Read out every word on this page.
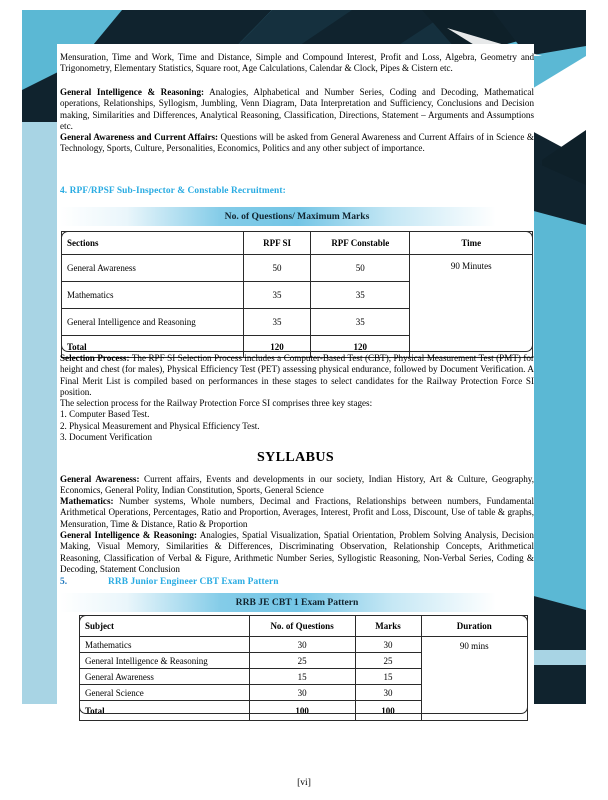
Mensuration, Time and Work, Time and Distance, Simple and Compound Interest, Profit and Loss, Algebra, Geometry and Trigonometry, Elementary Statistics, Square root, Age Calculations, Calendar & Clock, Pipes & Cistern etc.

General Intelligence & Reasoning: Analogies, Alphabetical and Number Series, Coding and Decoding, Mathematical operations, Relationships, Syllogism, Jumbling, Venn Diagram, Data Interpretation and Sufficiency, Conclusions and Decision making, Similarities and Differences, Analytical Reasoning, Classification, Directions, Statement – Arguments and Assumptions etc.

General Awareness and Current Affairs: Questions will be asked from General Awareness and Current Affairs of in Science & Technology, Sports, Culture, Personalities, Economics, Politics and any other subject of importance.

4. RPF/RPSF Sub-Inspector & Constable Recruitment:
No. of Questions/ Maximum Marks
Sections	RPF SI	RPF Constable	Time
General Awareness	50	50	90 Minutes
Mathematics	35	35	
General Intelligence and Reasoning	35	35	
Total	120	120	

Selection Process: The RPF SI Selection Process includes a Computer-Based Test (CBT), Physical Measurement Test (PMT) for height and chest (for males), Physical Efficiency Test (PET) assessing physical endurance, followed by Document Verification. A Final Merit List is compiled based on performances in these stages to select candidates for the Railway Protection Force SI position.

The selection process for the Railway Protection Force SI comprises three key stages:
1. Computer Based Test.
2. Physical Measurement and Physical Efficiency Test.
3. Document Verification
SYLLABUS

General Awareness: Current affairs, Events and developments in our society, Indian History, Art & Culture, Geography, Economics, General Polity, Indian Constitution, Sports, General Science

Mathematics: Number systems, Whole numbers, Decimal and Fractions, Relationships between numbers, Fundamental Arithmetical Operations, Percentages, Ratio and Proportion, Averages, Interest, Profit and Loss, Discount, Use of table & graphs, Mensuration, Time & Distance, Ratio & Proportion

General Intelligence & Reasoning: Analogies, Spatial Visualization, Spatial Orientation, Problem Solving Analysis, Decision Making, Visual Memory, Similarities & Differences, Discriminating Observation, Relationship Concepts, Arithmetical Reasoning, Classification of Verbal & Figure, Arithmetic Number Series, Syllogistic Reasoning, Non-Verbal Series, Coding & Decoding, Statement Conclusion

5.	RRB Junior Engineer CBT Exam Pattern
RRB JE CBT 1 Exam Pattern
Subject	No. of Questions	Marks	Duration
Mathematics	30	30	90 mins
General Intelligence & Reasoning	25	25	
General Awareness	15	15	
General Science	30	30	
Total	100	100	
[vi]
